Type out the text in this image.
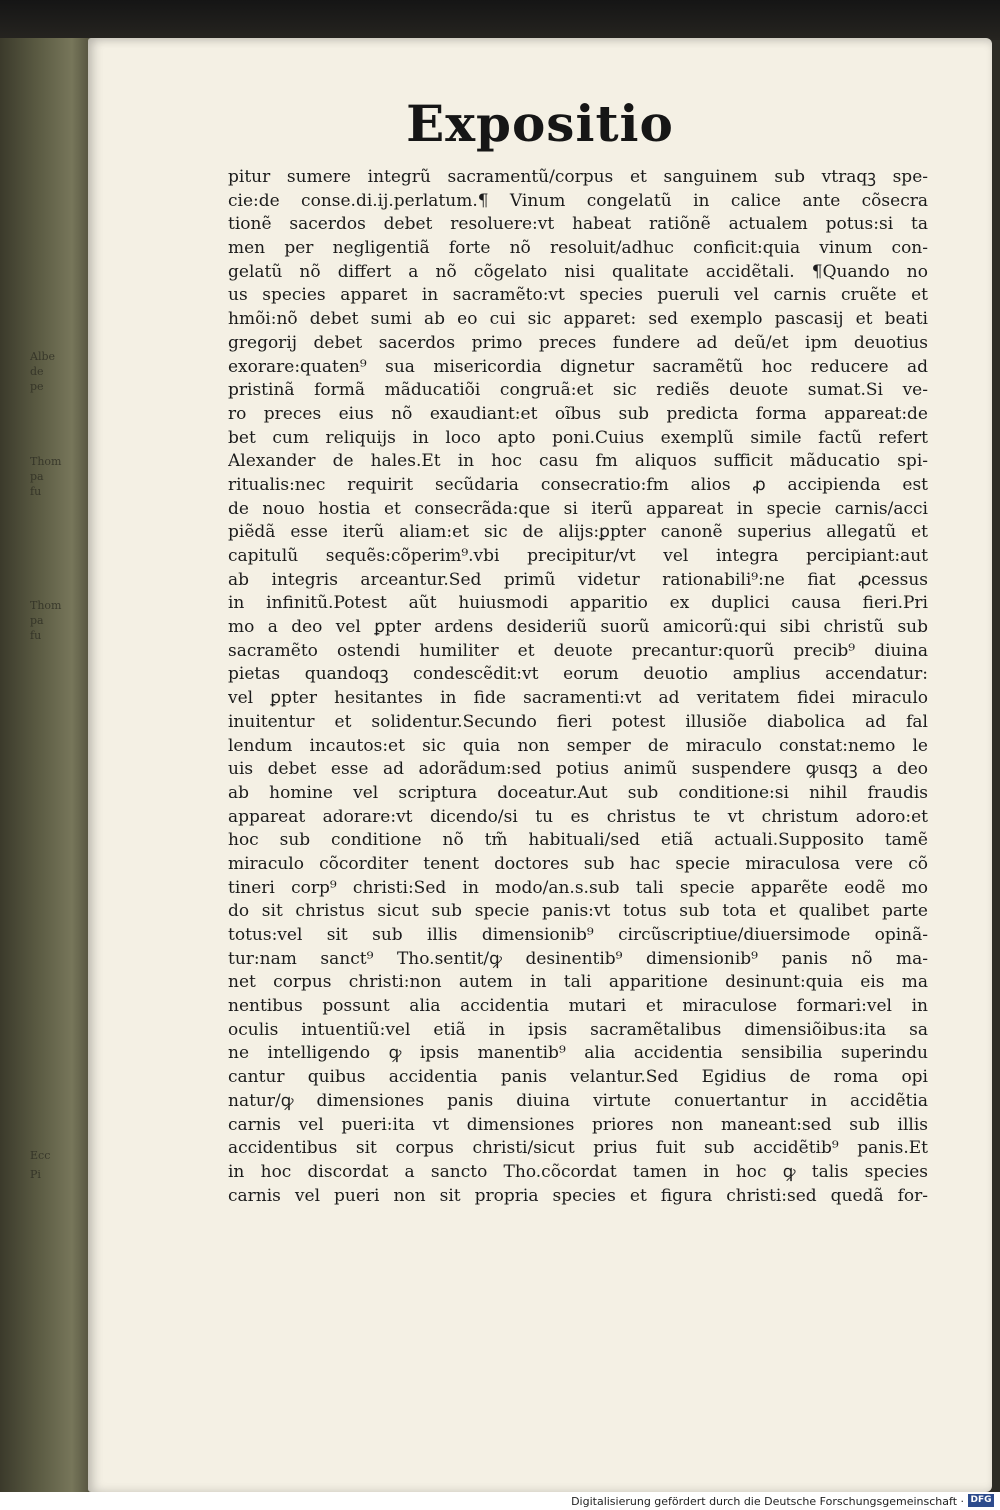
Albe
de
pe
Thom
pa
fu
Thom
pa
fu
Ecc
Pi
Expositio
pitur sumere integrũ sacramentũ/corpus et sanguinem sub vtraqꝫ spe-
cie:de conse.di.ij.perlatum.¶ Vinum congelatũ in calice ante cõsecra
tionẽ sacerdos debet resoluere:vt habeat ratiõnẽ actualem potus:si ta
men per negligentiã forte nõ resoluit/adhuc conficit:quia vinum con-
gelatũ nõ differt a nõ cõgelato nisi qualitate accidẽtali. ¶Quando no
us species apparet in sacramẽto:vt species pueruli vel carnis cruẽte et
hmõi:nõ debet sumi ab eo cui sic apparet: sed exemplo pascasij et beati
gregorij debet sacerdos primo preces fundere ad deũ/et ipm deuotius
exorare:quaten⁹ sua misericordia dignetur sacramẽtũ hoc reducere ad
pristinã formã mãducatiõi congruã:et sic rediẽs deuote sumat.Si ve-
ro preces eius nõ exaudiant:et oĩbus sub predicta forma appareat:de
bet cum reliquijs in loco apto poni.Cuius exemplũ simile factũ refert
Alexander de hales.Et in hoc casu fm aliquos sufficit mãducatio spi-
ritualis:nec requirit secũdaria consecratio:fm alios ꝓ accipienda est
de nouo hostia et consecrãda:que si iterũ appareat in specie carnis/acci
piẽdã esse iterũ aliam:et sic de alijs:ꝑpter canonẽ superius allegatũ et
capitulũ sequẽs:cõperim⁹.vbi precipitur/vt vel integra percipiant:aut
ab integris arceantur.Sed primũ videtur rationabili⁹:ne fiat ꝓcessus
in infinitũ.Potest aũt huiusmodi apparitio ex duplici causa fieri.Pri
mo a deo vel ꝑpter ardens desideriũ suorũ amicorũ:qui sibi christũ sub
sacramẽto ostendi humiliter et deuote precantur:quorũ precib⁹ diuina
pietas quandoqꝫ condescẽdit:vt eorum deuotio amplius accendatur:
vel ꝑpter hesitantes in fide sacramenti:vt ad veritatem fidei miraculo
inuitentur et solidentur.Secundo fieri potest illusiõe diabolica ad fal
lendum incautos:et sic quia non semper de miraculo constat:nemo le
uis debet esse ad adorãdum:sed potius animũ suspendere ꝙusqꝫ a deo
ab homine vel scriptura doceatur.Aut sub conditione:si nihil fraudis
appareat adorare:vt dicendo/si tu es christus te vt christum adoro:et
hoc sub conditione nõ tm̃ habituali/sed etiã actuali.Supposito tamẽ
miraculo cõcorditer tenent doctores sub hac specie miraculosa vere cõ
tineri corp⁹ christi:Sed in modo/an.s.sub tali specie apparẽte eodẽ mo
do sit christus sicut sub specie panis:vt totus sub tota et qualibet parte
totus:vel sit sub illis dimensionib⁹ circũscriptiue/diuersimode opinã-
tur:nam sanct⁹ Tho.sentit/ꝙ desinentib⁹ dimensionib⁹ panis nõ ma-
net corpus christi:non autem in tali apparitione desinunt:quia eis ma
nentibus possunt alia accidentia mutari et miraculose formari:vel in
oculis intuentiũ:vel etiã in ipsis sacramẽtalibus dimensiõibus:ita sa
ne intelligendo ꝙ ipsis manentib⁹ alia accidentia sensibilia superindu
cantur quibus accidentia panis velantur.Sed Egidius de roma opi
natur/ꝙ dimensiones panis diuina virtute conuertantur in accidẽtia
carnis vel pueri:ita vt dimensiones priores non maneant:sed sub illis
accidentibus sit corpus christi/sicut prius fuit sub accidẽtib⁹ panis.Et
in hoc discordat a sancto Tho.cõcordat tamen in hoc ꝙ talis species
carnis vel pueri non sit propria species et figura christi:sed quedã for-
Digitalisierung gefördert durch die Deutsche Forschungsgemeinschaft · DFG
